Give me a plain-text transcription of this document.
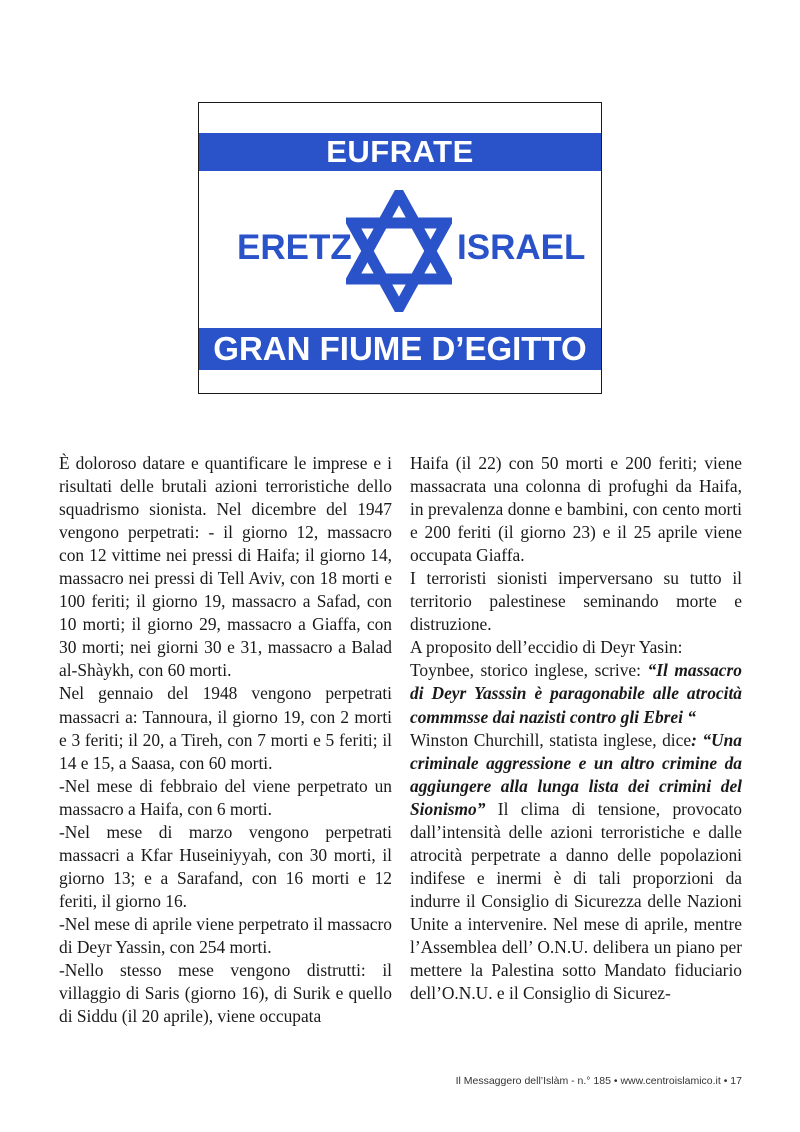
EUFRATE
ERETZ	ISRAEL
GRAN FIUME D’EGITTO

È doloroso datare e quantificare le imprese e i risultati delle brutali azioni terroristiche dello squadrismo sionista. Nel dicembre del 1947 vengono perpetrati: - il giorno 12, massacro con 12 vittime nei pressi di Haifa; il giorno 14, massacro nei pressi di Tell Aviv, con 18 morti e 100 feriti; il giorno 19, massacro a Safad, con 10 morti; il giorno 29, massacro a Giaffa, con 30 morti; nei giorni 30 e 31, massacro a Balad al-Shàykh, con 60 morti.

Nel gennaio del 1948 vengono perpetrati massacri a: Tannoura, il giorno 19, con 2 morti e 3 feriti; il 20, a Tireh, con 7 morti e 5 feriti; il 14 e 15, a Saasa, con 60 morti.

-Nel mese di febbraio del viene perpetrato un massacro a Haifa, con 6 morti.

-Nel mese di marzo vengono perpetrati massacri a Kfar Huseiniyyah, con 30 morti, il giorno 13; e a Sarafand, con 16 morti e 12 feriti, il giorno 16.

-Nel mese di aprile viene perpetrato il massacro di Deyr Yassin, con 254 morti.

-Nello stesso mese vengono distrutti: il villaggio di Saris (giorno 16), di Surik e quello di Siddu (il 20 aprile), viene occupata

Haifa (il 22) con 50 morti e 200 feriti; viene massacrata una colonna di profughi da Haifa, in prevalenza donne e bambini, con cento morti e 200 feriti (il giorno 23) e il 25 aprile viene occupata Giaffa.

I terroristi sionisti imperversano su tutto il territorio palestinese seminando morte e distruzione.

A proposito dell’eccidio di Deyr Yasin:

Toynbee, storico inglese, scrive: “Il massacro di Deyr Yasssin è paragonabile alle atrocità commmsse dai nazisti contro gli Ebrei “

Winston Churchill, statista inglese, dice: “Una criminale aggressione e un altro crimine da aggiungere alla lunga lista dei crimini del Sionismo” Il clima di tensione, provocato dall’intensità delle azioni terroristiche e dalle atrocità perpetrate a danno delle popolazioni indifese e inermi è di tali proporzioni da indurre il Consiglio di Sicurezza delle Nazioni Unite a intervenire. Nel mese di aprile, mentre l’Assemblea dell’ O.N.U. delibera un piano per mettere la Palestina sotto Mandato fiduciario dell’O.N.U. e il Consiglio di Sicurez-

Il Messaggero dell’Islàm - n.° 185 • www.centroislamico.it • 17
